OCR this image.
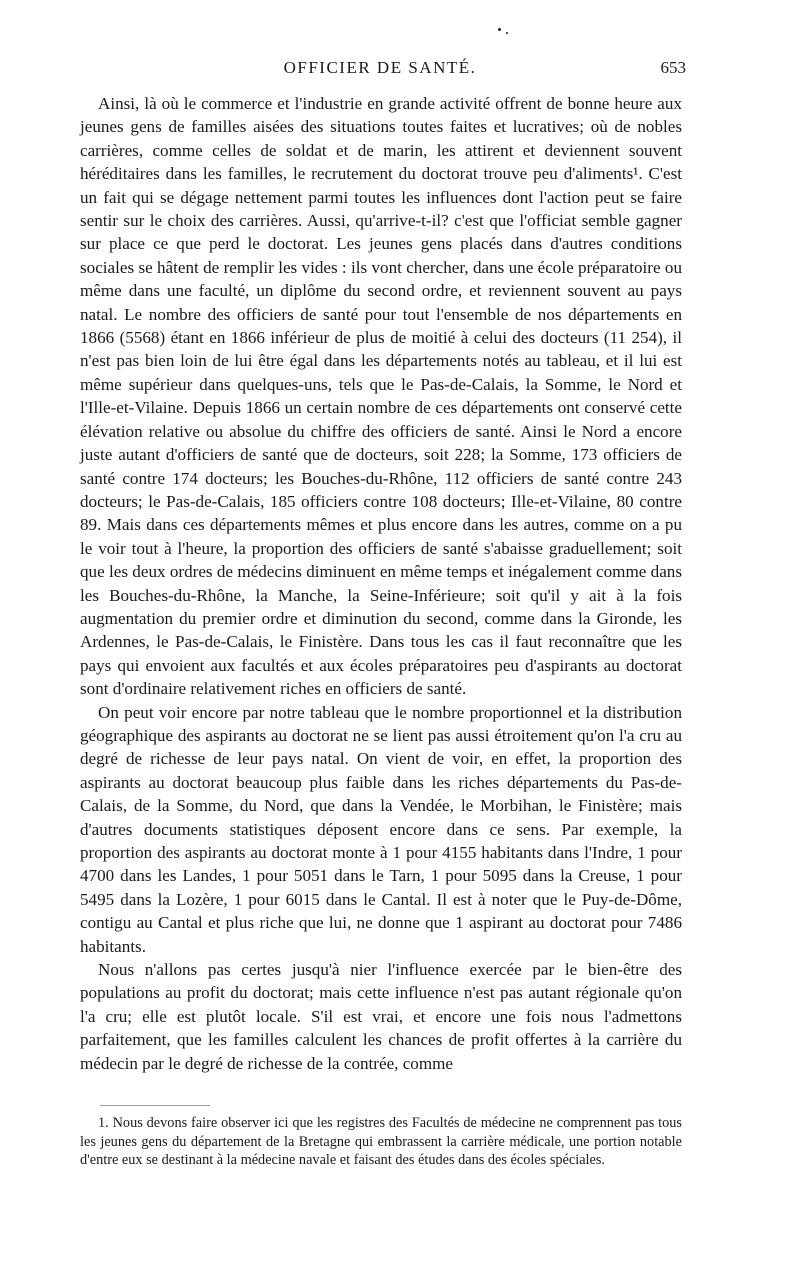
OFFICIER DE SANTÉ.	653

Ainsi, là où le commerce et l'industrie en grande activité offrent de bonne heure aux jeunes gens de familles aisées des situations toutes faites et lucratives; où de nobles carrières, comme celles de soldat et de marin, les attirent et deviennent souvent héréditaires dans les familles, le recrutement du doctorat trouve peu d'aliments¹. C'est un fait qui se dégage nettement parmi toutes les influences dont l'action peut se faire sentir sur le choix des carrières. Aussi, qu'arrive-t-il? c'est que l'officiat semble gagner sur place ce que perd le doctorat. Les jeunes gens placés dans d'autres conditions sociales se hâtent de remplir les vides : ils vont chercher, dans une école préparatoire ou même dans une faculté, un diplôme du second ordre, et reviennent souvent au pays natal. Le nombre des officiers de santé pour tout l'ensemble de nos départements en 1866 (5568) étant en 1866 inférieur de plus de moitié à celui des docteurs (11 254), il n'est pas bien loin de lui être égal dans les départements notés au tableau, et il lui est même supérieur dans quelques-uns, tels que le Pas-de-Calais, la Somme, le Nord et l'Ille-et-Vilaine. Depuis 1866 un certain nombre de ces départements ont conservé cette élévation relative ou absolue du chiffre des officiers de santé. Ainsi le Nord a encore juste autant d'officiers de santé que de docteurs, soit 228; la Somme, 173 officiers de santé contre 174 docteurs; les Bouches-du-Rhône, 112 officiers de santé contre 243 docteurs; le Pas-de-Calais, 185 officiers contre 108 docteurs; Ille-et-Vilaine, 80 contre 89. Mais dans ces départements mêmes et plus encore dans les autres, comme on a pu le voir tout à l'heure, la proportion des officiers de santé s'abaisse graduellement; soit que les deux ordres de médecins diminuent en même temps et inégalement comme dans les Bouches-du-Rhône, la Manche, la Seine-Inférieure; soit qu'il y ait à la fois augmentation du premier ordre et diminution du second, comme dans la Gironde, les Ardennes, le Pas-de-Calais, le Finistère. Dans tous les cas il faut reconnaître que les pays qui envoient aux facultés et aux écoles préparatoires peu d'aspirants au doctorat sont d'ordinaire relativement riches en officiers de santé.

On peut voir encore par notre tableau que le nombre proportionnel et la distribution géographique des aspirants au doctorat ne se lient pas aussi étroitement qu'on l'a cru au degré de richesse de leur pays natal. On vient de voir, en effet, la proportion des aspirants au doctorat beaucoup plus faible dans les riches départements du Pas-de-Calais, de la Somme, du Nord, que dans la Vendée, le Morbihan, le Finistère; mais d'autres documents statistiques déposent encore dans ce sens. Par exemple, la proportion des aspirants au doctorat monte à 1 pour 4155 habitants dans l'Indre, 1 pour 4700 dans les Landes, 1 pour 5051 dans le Tarn, 1 pour 5095 dans la Creuse, 1 pour 5495 dans la Lozère, 1 pour 6015 dans le Cantal. Il est à noter que le Puy-de-Dôme, contigu au Cantal et plus riche que lui, ne donne que 1 aspirant au doctorat pour 7486 habitants.

Nous n'allons pas certes jusqu'à nier l'influence exercée par le bien-être des populations au profit du doctorat; mais cette influence n'est pas autant régionale qu'on l'a cru; elle est plutôt locale. S'il est vrai, et encore une fois nous l'admettons parfaitement, que les familles calculent les chances de profit offertes à la carrière du médecin par le degré de richesse de la contrée, comme

1. Nous devons faire observer ici que les registres des Facultés de médecine ne comprennent pas tous les jeunes gens du département de la Bretagne qui embrassent la carrière médicale, une portion notable d'entre eux se destinant à la médecine navale et faisant des études dans des écoles spéciales.
